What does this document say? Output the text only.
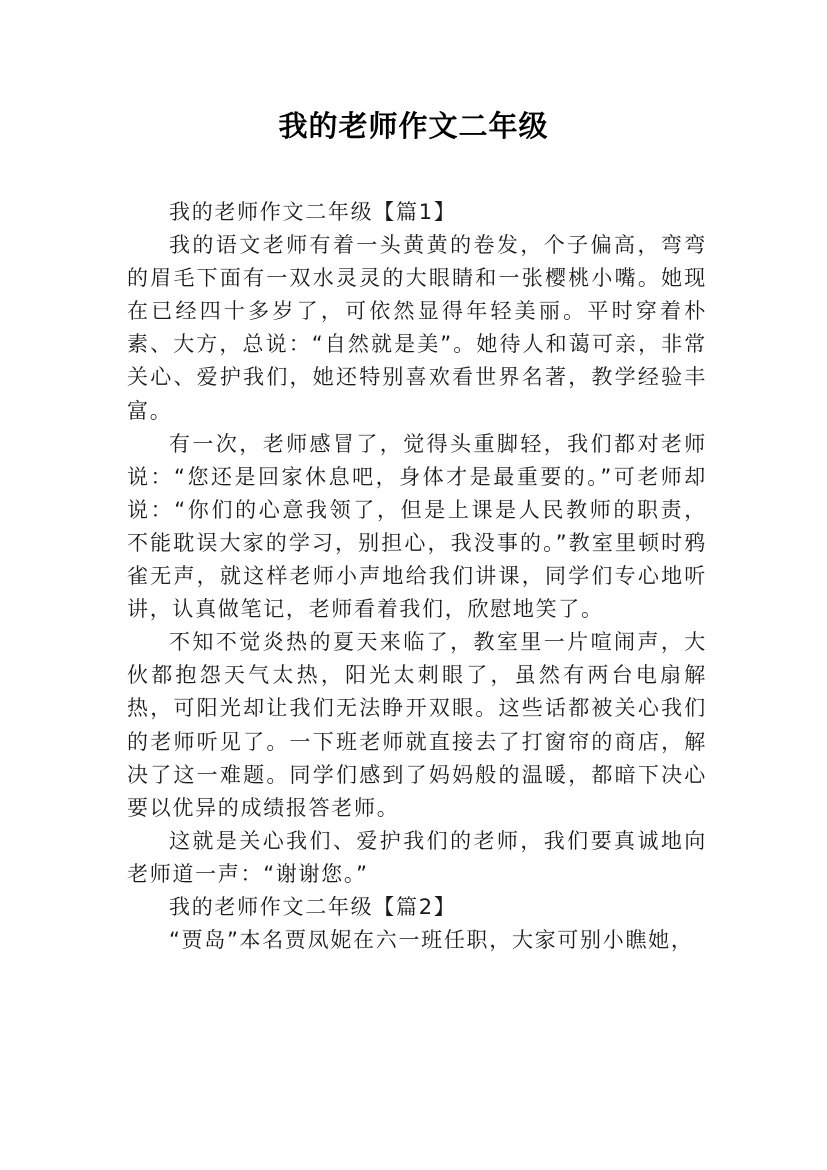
我的老师作文二年级

我的老师作文二年级【篇1】

我的语文老师有着一头黄黄的卷发，个子偏高，弯弯的眉毛下面有一双水灵灵的大眼睛和一张樱桃小嘴。她现在已经四十多岁了，可依然显得年轻美丽。平时穿着朴素、大方，总说：“自然就是美”。她待人和蔼可亲，非常关心、爱护我们，她还特别喜欢看世界名著，教学经验丰富。

有一次，老师感冒了，觉得头重脚轻，我们都对老师说：“您还是回家休息吧，身体才是最重要的。”可老师却说：“你们的心意我领了，但是上课是人民教师的职责，不能耽误大家的学习，别担心，我没事的。”教室里顿时鸦雀无声，就这样老师小声地给我们讲课，同学们专心地听讲，认真做笔记，老师看着我们，欣慰地笑了。

不知不觉炎热的夏天来临了，教室里一片喧闹声，大伙都抱怨天气太热，阳光太刺眼了，虽然有两台电扇解热，可阳光却让我们无法睁开双眼。这些话都被关心我们的老师听见了。一下班老师就直接去了打窗帘的商店，解决了这一难题。同学们感到了妈妈般的温暖，都暗下决心要以优异的成绩报答老师。

这就是关心我们、爱护我们的老师，我们要真诚地向老师道一声：“谢谢您。”

我的老师作文二年级【篇2】

“贾岛”本名贾凤妮在六一班任职，大家可别小瞧她，
